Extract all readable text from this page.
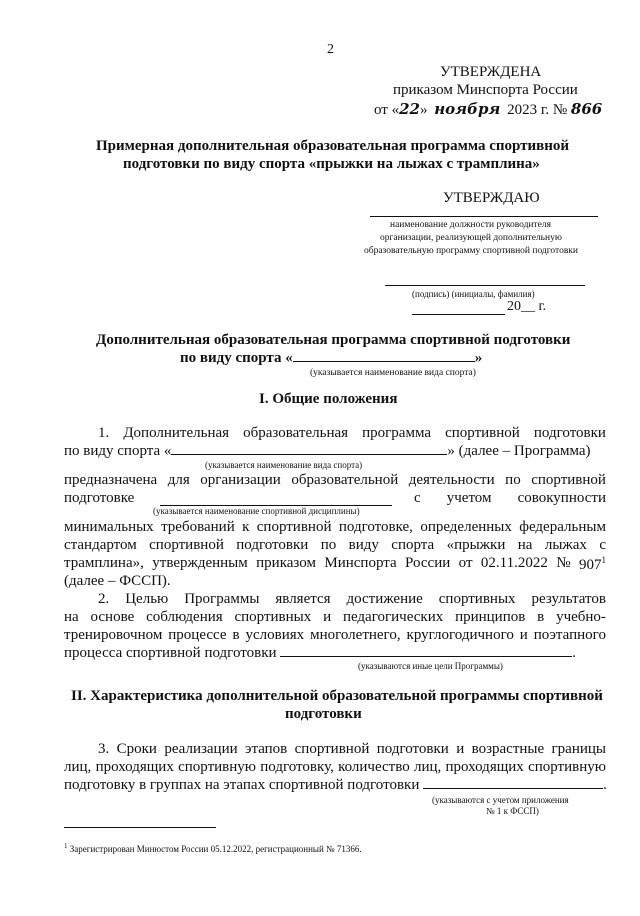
2
УТВЕРЖДЕНА
приказом Минспорта России
от «22» ноября 2023 г. № 866
Примерная дополнительная образовательная программа спортивной
подготовки по виду спорта «прыжки на лыжах с трамплина»
УТВЕРЖДАЮ
наименование должности руководителя
организации, реализующей дополнительную
образовательную программу спортивной подготовки
(подпись) (инициалы, фамилия)
20__ г.
Дополнительная образовательная программа спортивной подготовки
по виду спорта «	»
(указывается наименование вида спорта)
I. Общие положения
1. Дополнительная образовательная программа спортивной подготовки
по виду спорта «	» (далее – Программа)
(указывается наименование вида спорта)
предназначена для организации образовательной деятельности по спортивной
подготовке	с учетом совокупности
(указывается наименование спортивной дисциплины)
минимальных требований к спортивной подготовке, определенных федеральным
стандартом спортивной подготовки по виду спорта «прыжки на лыжах с
трамплина», утвержденным приказом Минспорта России от 02.11.2022 № $907^1$
(далее – ФССП).
2. Целью Программы является достижение спортивных результатов
на основе соблюдения спортивных и педагогических принципов в учебно-
тренировочном процессе в условиях многолетнего, круглогодичного и поэтапного
процесса спортивной подготовки	.
(указываются иные цели Программы)
II. Характеристика дополнительной образовательной программы спортивной
подготовки
3. Сроки реализации этапов спортивной подготовки и возрастные границы
лиц, проходящих спортивную подготовку, количество лиц, проходящих спортивную
подготовку в группах на этапах спортивной подготовки	.
(указываются с учетом приложения
№ 1 к ФССП)
$^1$ Зарегистрирован Минюстом России 05.12.2022, регистрационный № 71366.
